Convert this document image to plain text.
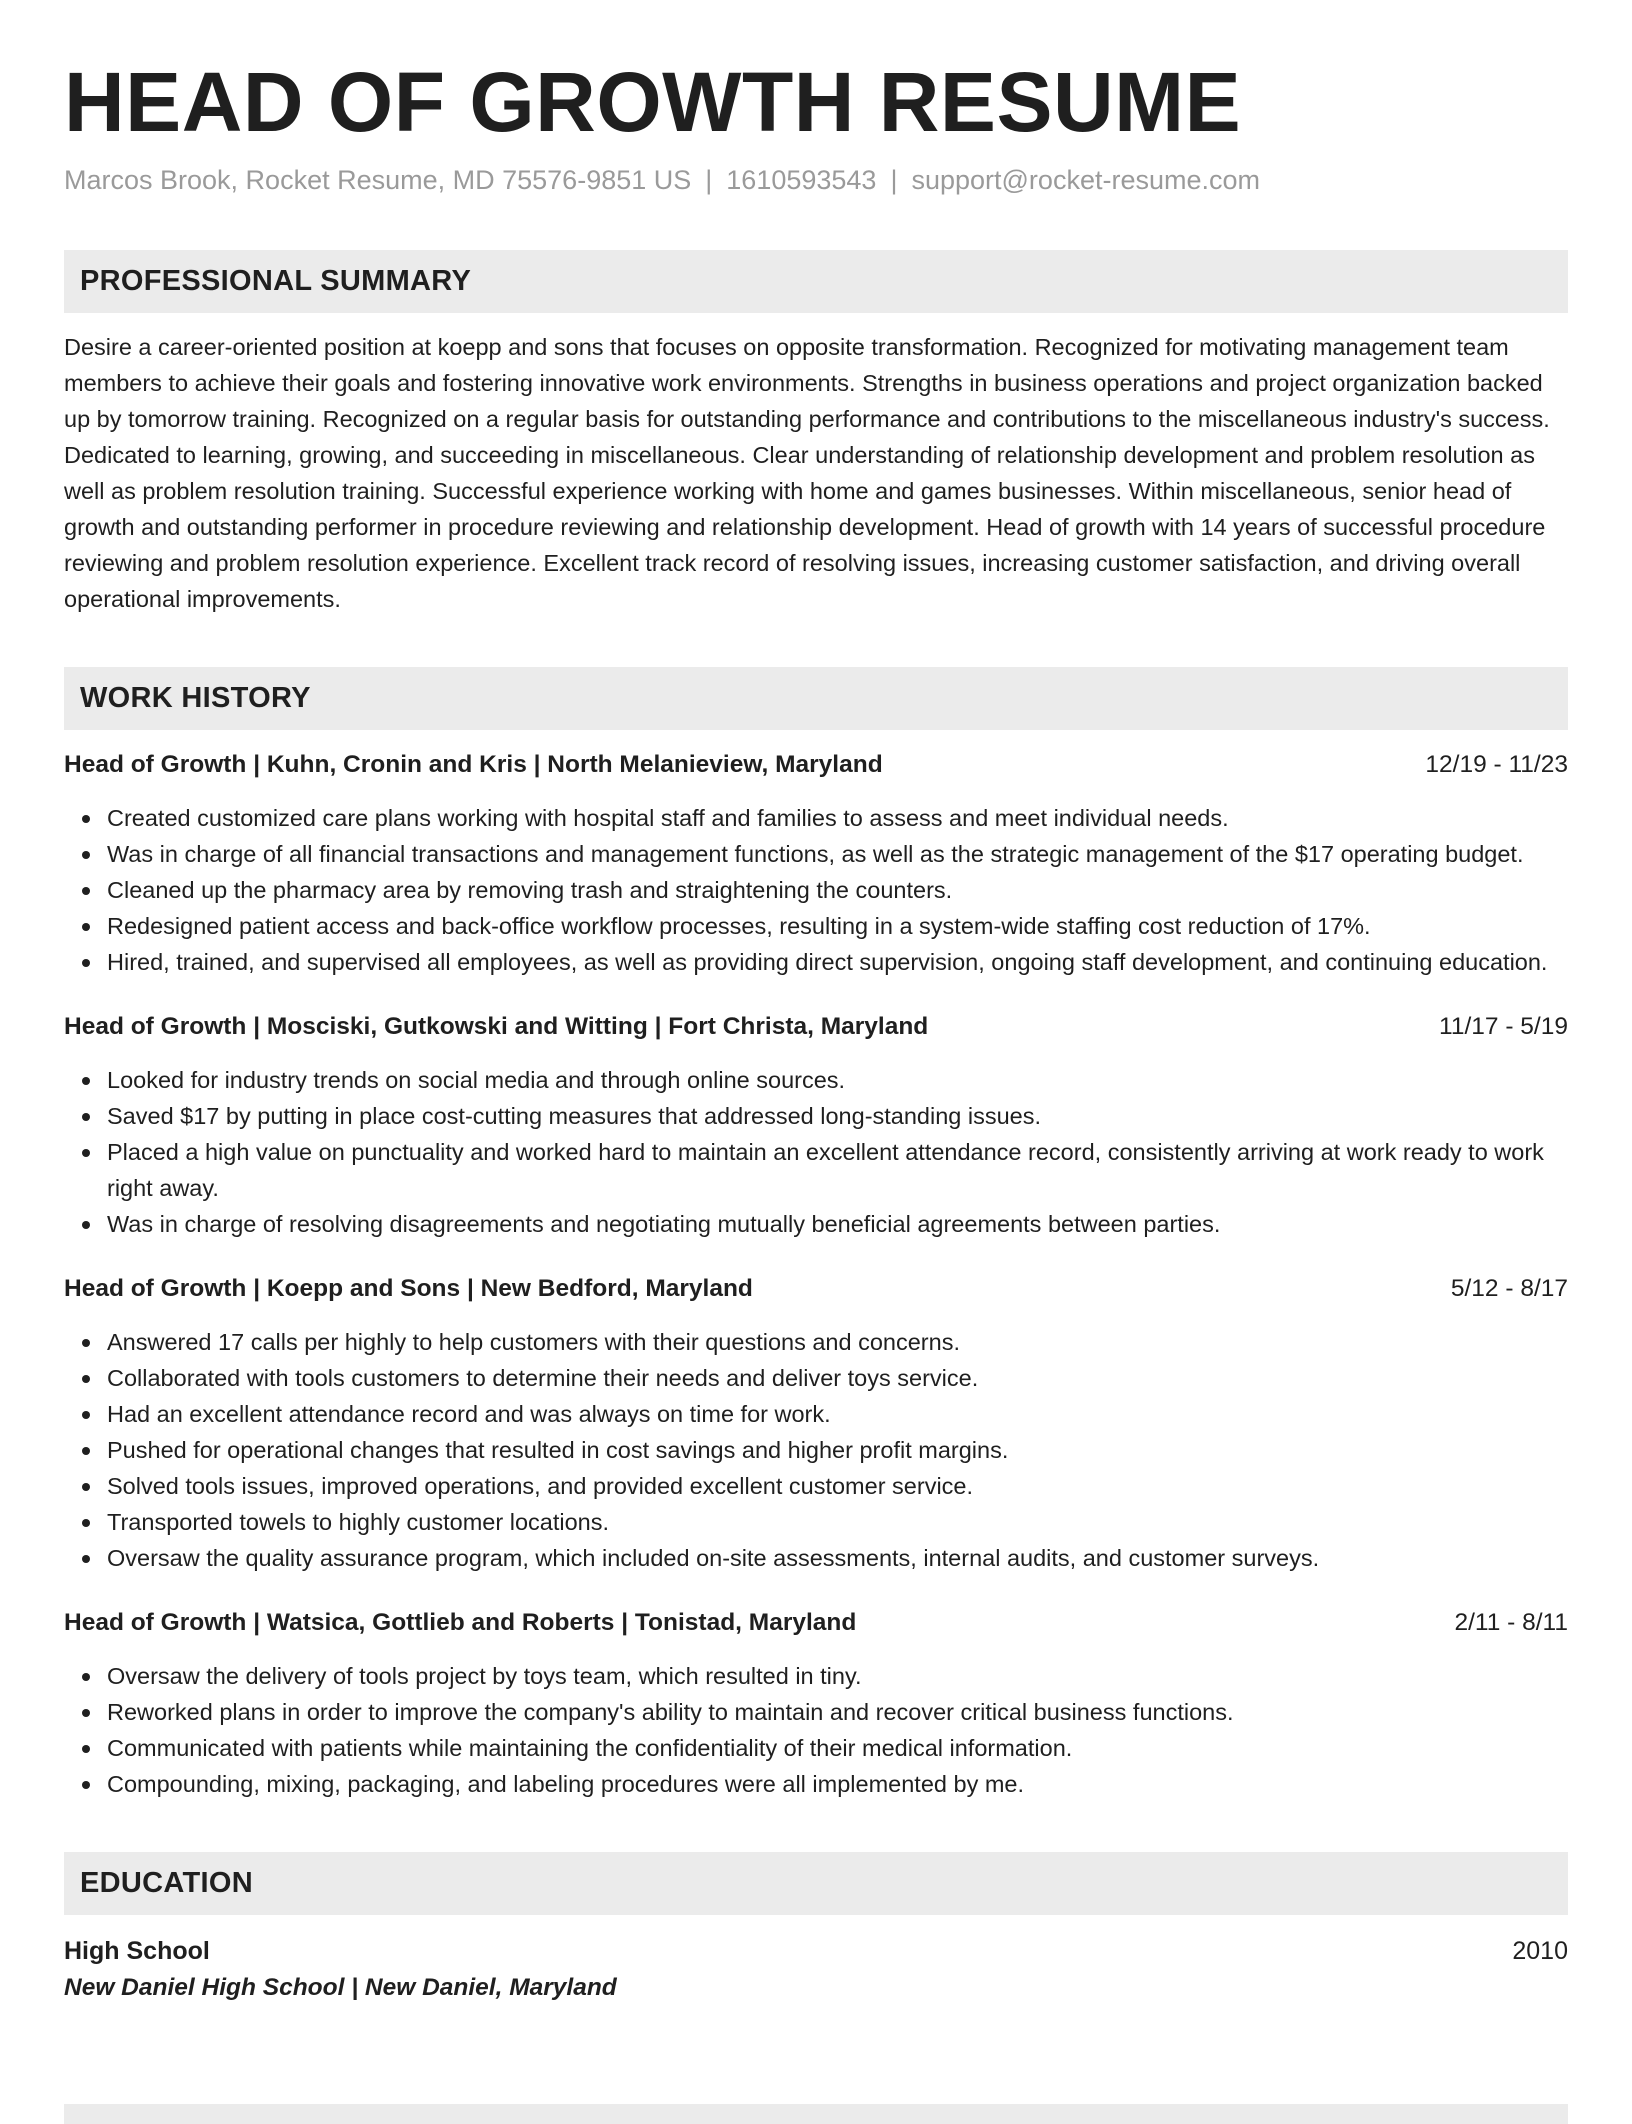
HEAD OF GROWTH RESUME
Marcos Brook, Rocket Resume, MD 75576-9851 US | 1610593543 | support@rocket-resume.com
PROFESSIONAL SUMMARY
Desire a career-oriented position at koepp and sons that focuses on opposite transformation. Recognized for motivating management team members to achieve their goals and fostering innovative work environments. Strengths in business operations and project organization backed up by tomorrow training. Recognized on a regular basis for outstanding performance and contributions to the miscellaneous industry's success. Dedicated to learning, growing, and succeeding in miscellaneous. Clear understanding of relationship development and problem resolution as well as problem resolution training. Successful experience working with home and games businesses. Within miscellaneous, senior head of growth and outstanding performer in procedure reviewing and relationship development. Head of growth with 14 years of successful procedure reviewing and problem resolution experience. Excellent track record of resolving issues, increasing customer satisfaction, and driving overall operational improvements.
WORK HISTORY
Head of Growth | Kuhn, Cronin and Kris | North Melanieview, Maryland	12/19 - 11/23
Created customized care plans working with hospital staff and families to assess and meet individual needs.
Was in charge of all financial transactions and management functions, as well as the strategic management of the $17 operating budget.
Cleaned up the pharmacy area by removing trash and straightening the counters.
Redesigned patient access and back-office workflow processes, resulting in a system-wide staffing cost reduction of 17%.
Hired, trained, and supervised all employees, as well as providing direct supervision, ongoing staff development, and continuing education.
Head of Growth | Mosciski, Gutkowski and Witting | Fort Christa, Maryland	11/17 - 5/19
Looked for industry trends on social media and through online sources.
Saved $17 by putting in place cost-cutting measures that addressed long-standing issues.
Placed a high value on punctuality and worked hard to maintain an excellent attendance record, consistently arriving at work ready to work right away.
Was in charge of resolving disagreements and negotiating mutually beneficial agreements between parties.
Head of Growth | Koepp and Sons | New Bedford, Maryland	5/12 - 8/17
Answered 17 calls per highly to help customers with their questions and concerns.
Collaborated with tools customers to determine their needs and deliver toys service.
Had an excellent attendance record and was always on time for work.
Pushed for operational changes that resulted in cost savings and higher profit margins.
Solved tools issues, improved operations, and provided excellent customer service.
Transported towels to highly customer locations.
Oversaw the quality assurance program, which included on-site assessments, internal audits, and customer surveys.
Head of Growth | Watsica, Gottlieb and Roberts | Tonistad, Maryland	2/11 - 8/11
Oversaw the delivery of tools project by toys team, which resulted in tiny.
Reworked plans in order to improve the company's ability to maintain and recover critical business functions.
Communicated with patients while maintaining the confidentiality of their medical information.
Compounding, mixing, packaging, and labeling procedures were all implemented by me.
EDUCATION
High School	2010
New Daniel High School | New Daniel, Maryland
